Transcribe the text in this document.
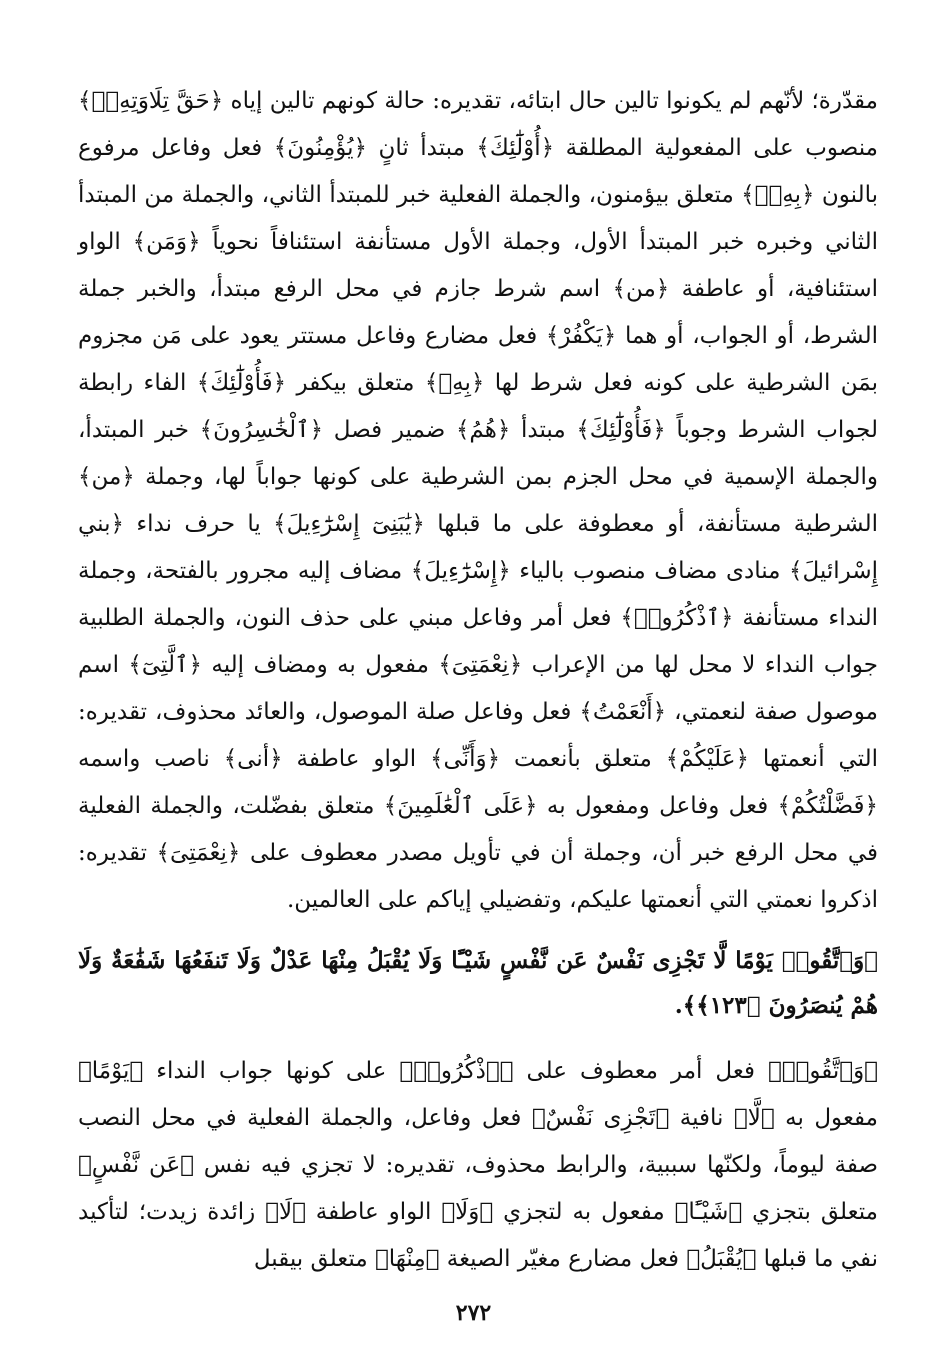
مقدّرة؛ لأنّهم لم يكونوا تالين حال ابتائه، تقديره: حالة كونهم تالين إياه ﴿حَقَّ تِلَاوَتِهِۦٓ﴾ منصوب على المفعولية المطلقة ﴿أُوْلَٰٓئِكَ﴾ مبتدأ ثانٍ ﴿يُؤْمِنُونَ﴾ فعل وفاعل مرفوع بالنون ﴿بِهِۦۗ﴾ متعلق بيؤمنون، والجملة الفعلية خبر للمبتدأ الثاني، والجملة من المبتدأ الثاني وخبره خبر المبتدأ الأول، وجملة الأول مستأنفة استئنافاً نحوياً ﴿وَمَن﴾ الواو استئنافية، أو عاطفة ﴿من﴾ اسم شرط جازم في محل الرفع مبتدأ، والخبر جملة الشرط، أو الجواب، أو هما ﴿يَكْفُرْ﴾ فعل مضارع وفاعل مستتر يعود على مَن مجزوم بمَن الشرطية على كونه فعل شرط لها ﴿بِهِۦ﴾ متعلق بيكفر ﴿فَأُوْلَٰٓئِكَ﴾ الفاء رابطة لجواب الشرط وجوباً ﴿فَأُوْلَٰٓئِكَ﴾ مبتدأ ﴿هُمُ﴾ ضمير فصل ﴿ٱلْخَٰسِرُونَ﴾ خبر المبتدأ، والجملة الإسمية في محل الجزم بمن الشرطية على كونها جواباً لها، وجملة ﴿من﴾ الشرطية مستأنفة، أو معطوفة على ما قبلها ﴿يَٰبَنِىٓ إِسْرَٰٓءِيلَ﴾ يا حرف نداء ﴿بني إِسْرائيلَ﴾ منادى مضاف منصوب بالياء ﴿إِسْرَٰٓءِيلَ﴾ مضاف إليه مجرور بالفتحة، وجملة النداء مستأنفة ﴿ٱذْكُرُوا۟﴾ فعل أمر وفاعل مبني على حذف النون، والجملة الطلبية جواب النداء لا محل لها من الإعراب ﴿نِعْمَتِىَ﴾ مفعول به ومضاف إليه ﴿ٱلَّتِىٓ﴾ اسم موصول صفة لنعمتي، ﴿أَنْعَمْتُ﴾ فعل وفاعل صلة الموصول، والعائد محذوف، تقديره: التي أنعمتها ﴿عَلَيْكُمْ﴾ متعلق بأنعمت ﴿وَأَنِّى﴾ الواو عاطفة ﴿أنى﴾ ناصب واسمه ﴿فَضَّلْتُكُمْ﴾ فعل وفاعل ومفعول به ﴿عَلَى ٱلْعَٰلَمِينَ﴾ متعلق بفضّلت، والجملة الفعلية في محل الرفع خبر أن، وجملة أن في تأويل مصدر معطوف على ﴿نِعْمَتِىَ﴾ تقديره: اذكروا نعمتي التي أنعمتها عليكم، وتفضيلي إياكم على العالمين.

﴿وَٱتَّقُوا۟ يَوْمًا لَّا تَجْزِى نَفْسٌ عَن نَّفْسٍ شَيْـًٔا وَلَا يُقْبَلُ مِنْهَا عَدْلٌ وَلَا تَنفَعُهَا شَفَٰعَةٌ وَلَا هُمْ يُنصَرُونَ ﴿١٢٣﴾﴾.

﴿وَٱتَّقُوا۟﴾ فعل أمر معطوف على ﴿ٱذْكُرُوا۟﴾ على كونها جواب النداء ﴿يَوْمًا﴾ مفعول به ﴿لَّا﴾ نافية ﴿تَجْزِى نَفْسٌ﴾ فعل وفاعل، والجملة الفعلية في محل النصب صفة ليوماً، ولكنّها سببية، والرابط محذوف، تقديره: لا تجزي فيه نفس ﴿عَن نَّفْسٍ﴾ متعلق بتجزي ﴿شَيْـًٔا﴾ مفعول به لتجزي ﴿وَلَا﴾ الواو عاطفة ﴿لَا﴾ زائدة زيدت؛ لتأكيد نفي ما قبلها ﴿يُقْبَلُ﴾ فعل مضارع مغيّر الصيغة ﴿مِنْهَا﴾ متعلق بيقبل

٢٧٢
